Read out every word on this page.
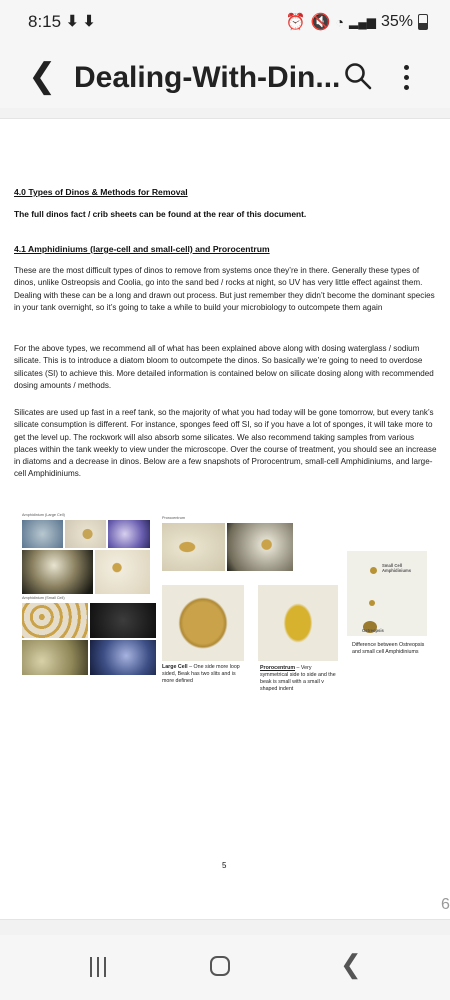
8:15 ⬇ ⬇	⏰ 🔇 ◔ ▂▄▆ 35%
❮ Dealing-With-Din...
4.0 Types of Dinos & Methods for Removal
The full dinos fact / crib sheets can be found at the rear of this document.
4.1 Amphidiniums (large-cell and small-cell) and Prorocentrum
These are the most difficult types of dinos to remove from systems once they’re in there. Generally these types of dinos, unlike Ostreopsis and Coolia, go into the sand bed / rocks at night, so UV has very little effect against them. Dealing with these can be a long and drawn out process. But just remember they didn’t become the dominant species in your tank overnight, so it’s going to take a while to build your microbiology to outcompete them again
For the above types, we recommend all of what has been explained above along with dosing waterglass / sodium silicate. This is to introduce a diatom bloom to outcompete the dinos. So basically we’re going to need to overdose silicates (SI) to achieve this. More detailed information is contained below on silicate dosing along with recommended dosing amounts / methods.
Silicates are used up fast in a reef tank, so the majority of what you had today will be gone tomorrow, but every tank’s silicate consumption is different. For instance, sponges feed off SI, so if you have a lot of sponges, it will take more to get the level up. The rockwork will also absorb some silicates. We also recommend taking samples from various places within the tank weekly to view under the microscope. Over the course of treatment, you should see an increase in diatoms and a decrease in dinos. Below are a few snapshots of Prorocentrum, small-cell Amphidiniums, and large-cell Amphidiniums.
Amphidinium (Large Cell)
Prorocentrum
Amphidinium (Small Cell)
Small Cell Amphidiniums
Ostreopsis
Large Cell – One side more loop sided, Beak has two slits and is more defined
Prorocentrum – Very symmetrical side to side and the beak is small with a small v shaped indent
Difference between Ostreopsis and small cell Amphidiniums
5
6
❮
